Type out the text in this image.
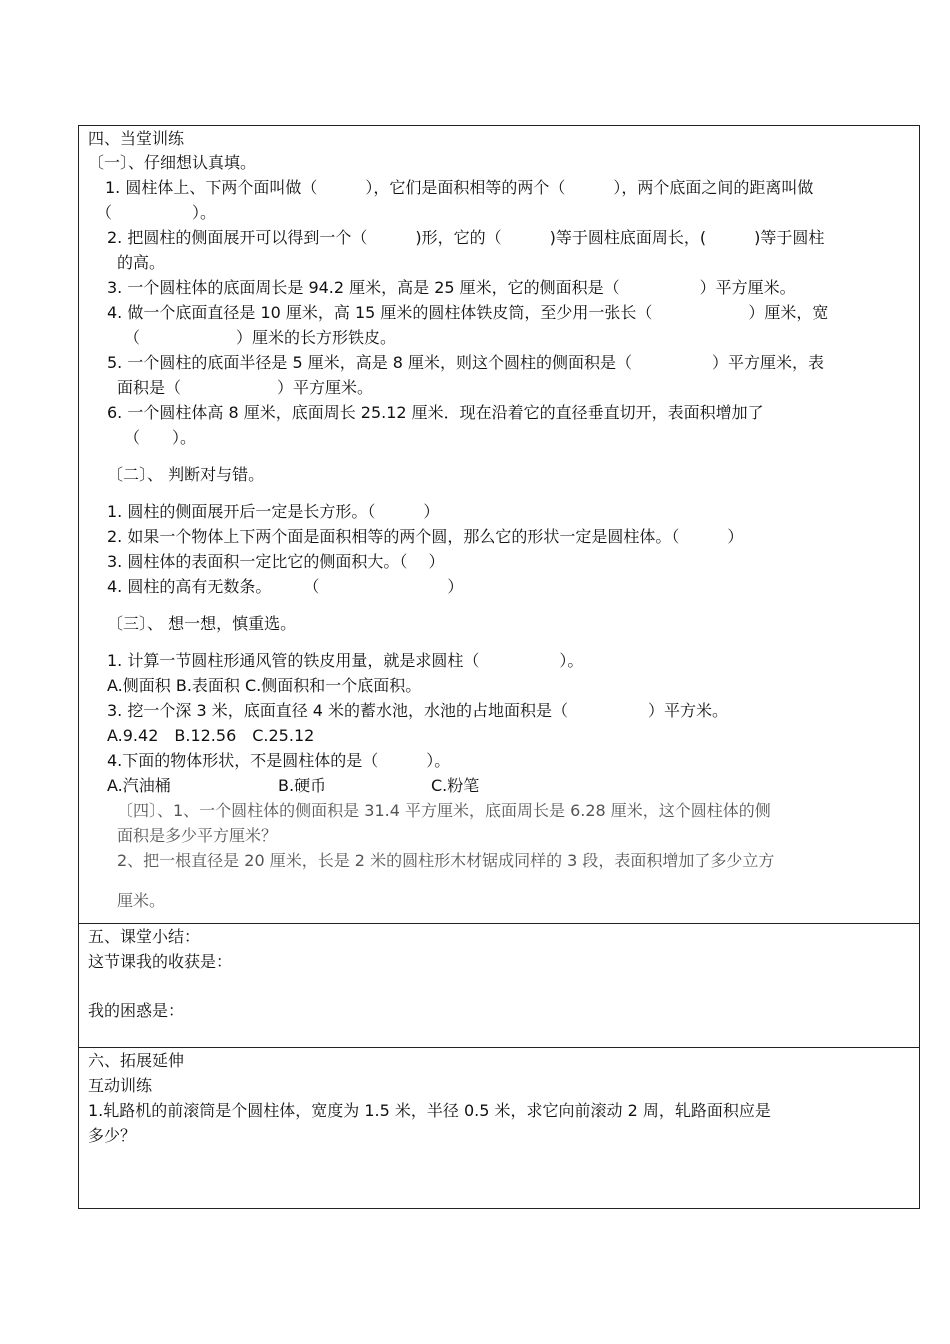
四、当堂训练
〔一〕、仔细想认真填。
1. 圆柱体上、下两个面叫做（　　　），它们是面积相等的两个（　　　），两个底面之间的距离叫做
（　　　　　）。
2. 把圆柱的侧面展开可以得到一个（　　　)形，它的（　　　)等于圆柱底面周长，(　　　)等于圆柱
的高。
3. 一个圆柱体的底面周长是 94.2 厘米，高是 25 厘米，它的侧面积是（　　　　　）平方厘米。
4. 做一个底面直径是 10 厘米，高 15 厘米的圆柱体铁皮筒，至少用一张长（　　　　　　）厘米，宽
（　　　　　　）厘米的长方形铁皮。
5. 一个圆柱的底面半径是 5 厘米，高是 8 厘米，则这个圆柱的侧面积是（　　　　　）平方厘米，表
面积是（　　　　　　）平方厘米。
6. 一个圆柱体高 8 厘米，底面周长 25.12 厘米．现在沿着它的直径垂直切开，表面积增加了
（　　）。
〔二〕、 判断对与错。
1. 圆柱的侧面展开后一定是长方形。（　　　）
2. 如果一个物体上下两个面是面积相等的两个圆，那么它的形状一定是圆柱体。（　　　）
3. 圆柱体的表面积一定比它的侧面积大。（　 ）
4. 圆柱的高有无数条。　　　（　　　　　　　　）
〔三〕、 想一想，慎重选。
1. 计算一节圆柱形通风管的铁皮用量，就是求圆柱（　　　　　）。
A.侧面积 B.表面积 C.侧面积和一个底面积。
3. 挖一个深 3 米，底面直径 4 米的蓄水池，水池的占地面积是（　　　　　）平方米。
A.9.42　B.12.56　C.25.12
4.下面的物体形状，不是圆柱体的是（　　　）。
A.汽油桶	B.硬币	C.粉笔
〔四〕、1、一个圆柱体的侧面积是 31.4 平方厘米，底面周长是 6.28 厘米，这个圆柱体的侧
面积是多少平方厘米？
2、把一根直径是 20 厘米，长是 2 米的圆柱形木材锯成同样的 3 段，表面积增加了多少立方
厘米。
五、课堂小结：
这节课我的收获是：
我的困惑是：
六、拓展延伸
互动训练
1.轧路机的前滚筒是个圆柱体，宽度为 1.5 米，半径 0.5 米，求它向前滚动 2 周，轧路面积应是
多少？
